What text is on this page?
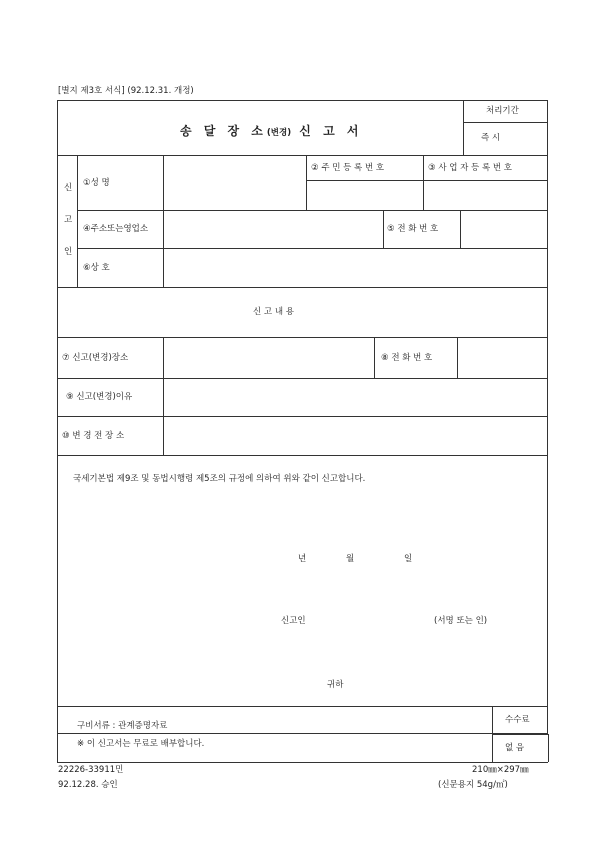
[별지 제3호 서식] (92.12.31. 개정)
송 달 장 소(변경) 신 고 서
처리기간
즉 시
신
고
인
①성 명
② 주 민 등 록 번 호	③ 사 업 자 등 록 번 호
④주소또는영업소	⑤ 전 화 번 호
⑥상 호
신 고 내 용
⑦ 신고(변경)장소	⑧ 전 화 번 호
⑨ 신고(변경)이유
⑩ 변 경 전 장 소
국세기본법 제9조 및 동법시행령 제5조의 규정에 의하여 위와 같이 신고합니다.
년	월	일
신고인	(서명 또는 인)
귀하
구비서류 : 관계증명자료
※ 이 신고서는 무료로 배부합니다.
수수료
없 음
22226-33911민
92.12.28. 승인
210㎜×297㎜
(신문용지 54g/㎡)
